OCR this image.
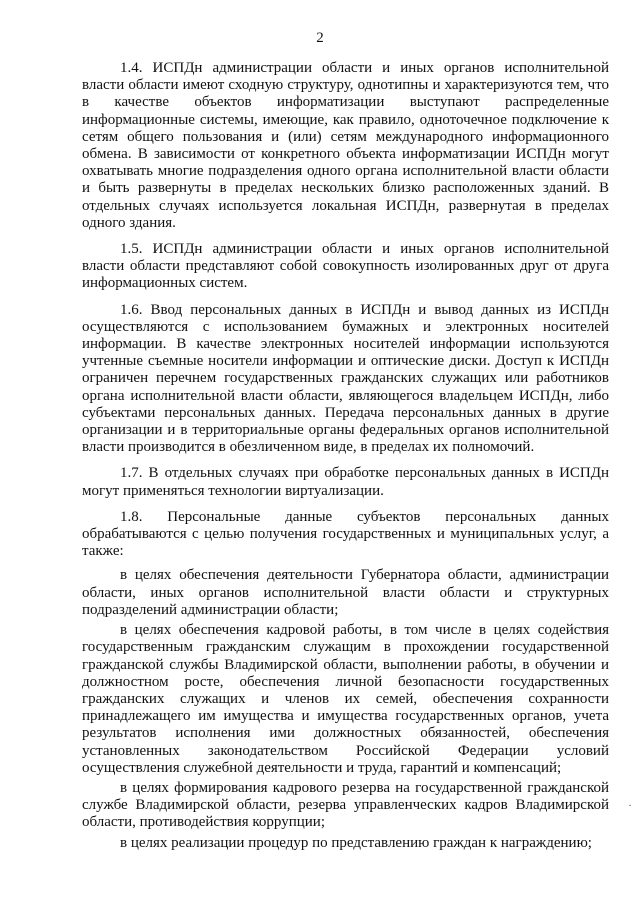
2

1.4. ИСПДн администрации области и иных органов исполнительной власти области имеют сходную структуру, однотипны и характеризуются тем, что в качестве объектов информатизации выступают распределенные информационные системы, имеющие, как правило, одноточечное подключение к сетям общего пользования и (или) сетям международного информационного обмена. В зависимости от конкретного объекта информатизации ИСПДн могут охватывать многие подразделения одного органа исполнительной власти области и быть развернуты в пределах нескольких близко расположенных зданий. В отдельных случаях используется локальная ИСПДн, развернутая в пределах одного здания.

1.5. ИСПДн администрации области и иных органов исполнительной власти области представляют собой совокупность изолированных друг от друга информационных систем.

1.6. Ввод персональных данных в ИСПДн и вывод данных из ИСПДн осуществляются с использованием бумажных и электронных носителей информации. В качестве электронных носителей информации используются учтенные съемные носители информации и оптические диски. Доступ к ИСПДн ограничен перечнем государственных гражданских служащих или работников органа исполнительной власти области, являющегося владельцем ИСПДн, либо субъектами персональных данных. Передача персональных данных в другие организации и в территориальные органы федеральных органов исполнительной власти производится в обезличенном виде, в пределах их полномочий.

1.7. В отдельных случаях при обработке персональных данных в ИСПДн могут применяться технологии виртуализации.

1.8. Персональные данные субъектов персональных данных обрабатываются с целью получения государственных и муниципальных услуг, а также:

в целях обеспечения деятельности Губернатора области, администрации области, иных органов исполнительной власти области и структурных подразделений администрации области;

в целях обеспечения кадровой работы, в том числе в целях содействия государственным гражданским служащим в прохождении государственной гражданской службы Владимирской области, выполнении работы, в обучении и должностном росте, обеспечения личной безопасности государственных гражданских служащих и членов их семей, обеспечения сохранности принадлежащего им имущества и имущества государственных органов, учета результатов исполнения ими должностных обязанностей, обеспечения установленных законодательством Российской Федерации условий осуществления служебной деятельности и труда, гарантий и компенсаций;

в целях формирования кадрового резерва на государственной гражданской службе Владимирской области, резерва управленческих кадров Владимирской области, противодействия коррупции;

в целях реализации процедур по представлению граждан к награждению;

·
